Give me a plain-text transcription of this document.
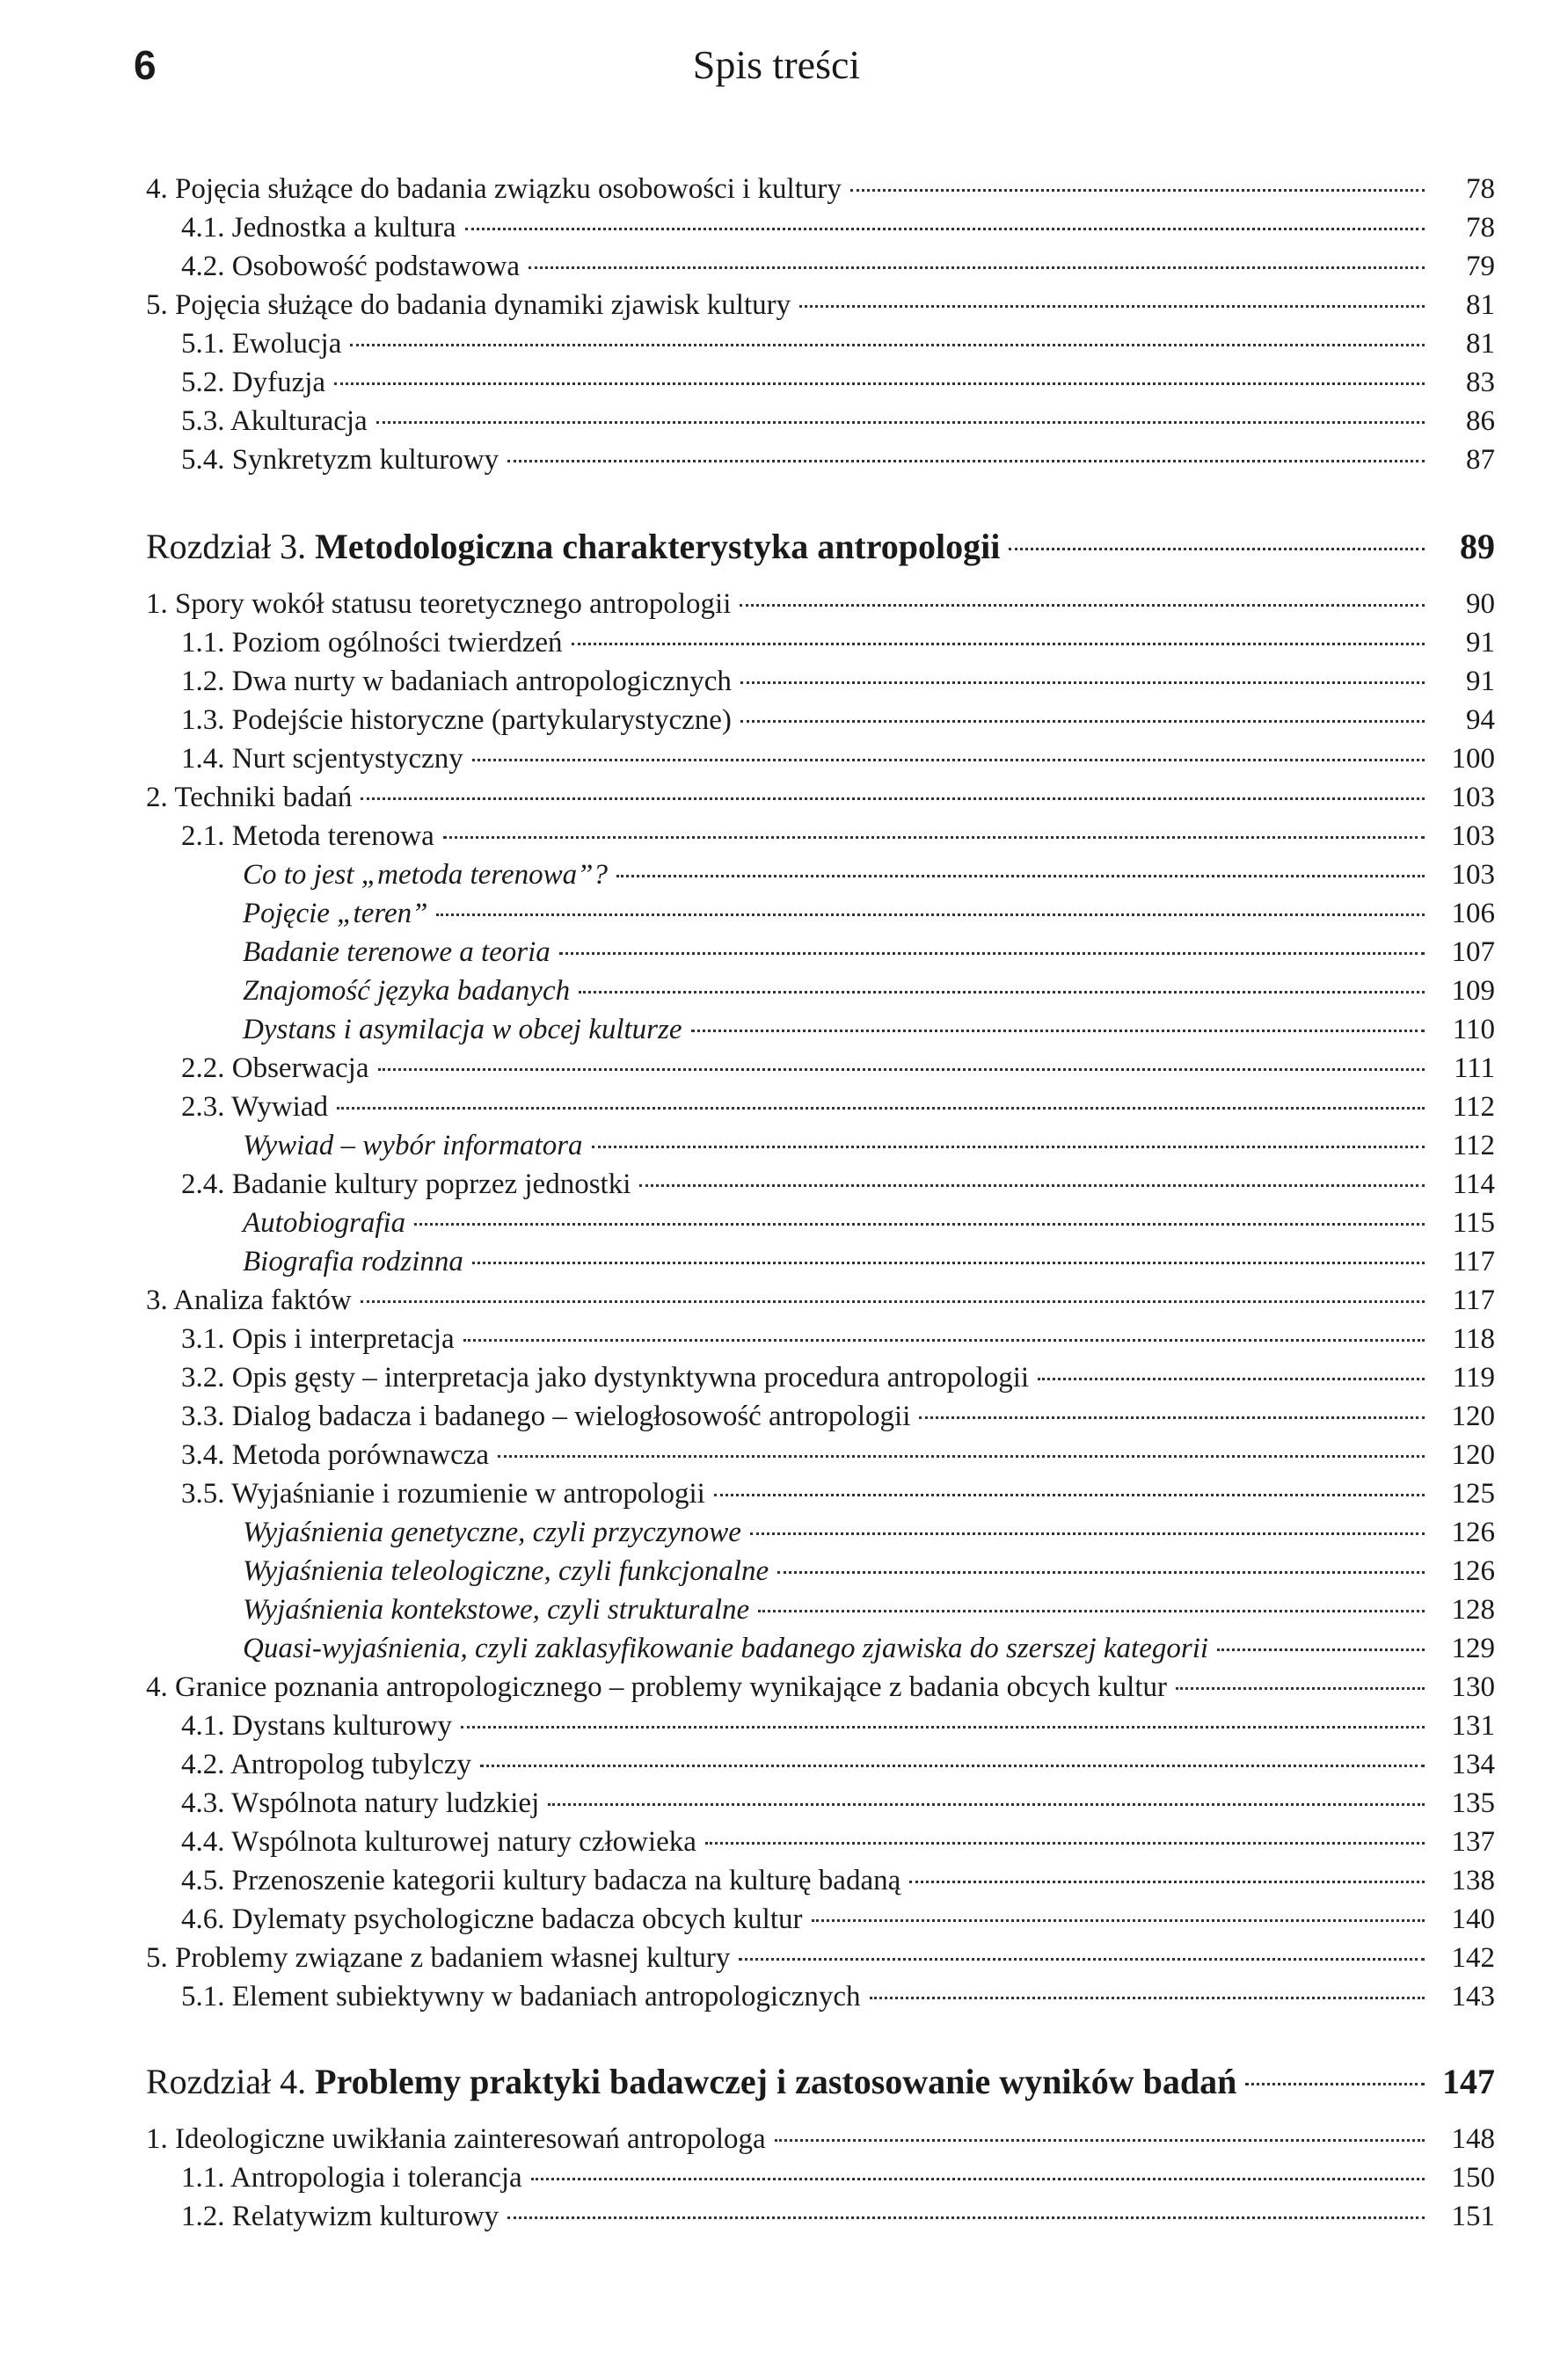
6	Spis treści
4. Pojęcia służące do badania związku osobowości i kultury	78
4.1. Jednostka a kultura	78
4.2. Osobowość podstawowa	79
5. Pojęcia służące do badania dynamiki zjawisk kultury	81
5.1. Ewolucja	81
5.2. Dyfuzja	83
5.3. Akulturacja	86
5.4. Synkretyzm kulturowy	87
Rozdział 3. Metodologiczna charakterystyka antropologii	89
1. Spory wokół statusu teoretycznego antropologii	90
1.1. Poziom ogólności twierdzeń	91
1.2. Dwa nurty w badaniach antropologicznych	91
1.3. Podejście historyczne (partykularystyczne)	94
1.4. Nurt scjentystyczny	100
2. Techniki badań	103
2.1. Metoda terenowa	103
Co to jest „metoda terenowa”?	103
Pojęcie „teren”	106
Badanie terenowe a teoria	107
Znajomość języka badanych	109
Dystans i asymilacja w obcej kulturze	110
2.2. Obserwacja	111
2.3. Wywiad	112
Wywiad – wybór informatora	112
2.4. Badanie kultury poprzez jednostki	114
Autobiografia	115
Biografia rodzinna	117
3. Analiza faktów	117
3.1. Opis i interpretacja	118
3.2. Opis gęsty – interpretacja jako dystynktywna procedura antropologii	119
3.3. Dialog badacza i badanego – wielogłosowość antropologii	120
3.4. Metoda porównawcza	120
3.5. Wyjaśnianie i rozumienie w antropologii	125
Wyjaśnienia genetyczne, czyli przyczynowe	126
Wyjaśnienia teleologiczne, czyli funkcjonalne	126
Wyjaśnienia kontekstowe, czyli strukturalne	128
Quasi-wyjaśnienia, czyli zaklasyfikowanie badanego zjawiska do szerszej kategorii	129
4. Granice poznania antropologicznego – problemy wynikające z badania obcych kultur	130
4.1. Dystans kulturowy	131
4.2. Antropolog tubylczy	134
4.3. Wspólnota natury ludzkiej	135
4.4. Wspólnota kulturowej natury człowieka	137
4.5. Przenoszenie kategorii kultury badacza na kulturę badaną	138
4.6. Dylematy psychologiczne badacza obcych kultur	140
5. Problemy związane z badaniem własnej kultury	142
5.1. Element subiektywny w badaniach antropologicznych	143
Rozdział 4. Problemy praktyki badawczej i zastosowanie wyników badań	147
1. Ideologiczne uwikłania zainteresowań antropologa	148
1.1. Antropologia i tolerancja	150
1.2. Relatywizm kulturowy	151
